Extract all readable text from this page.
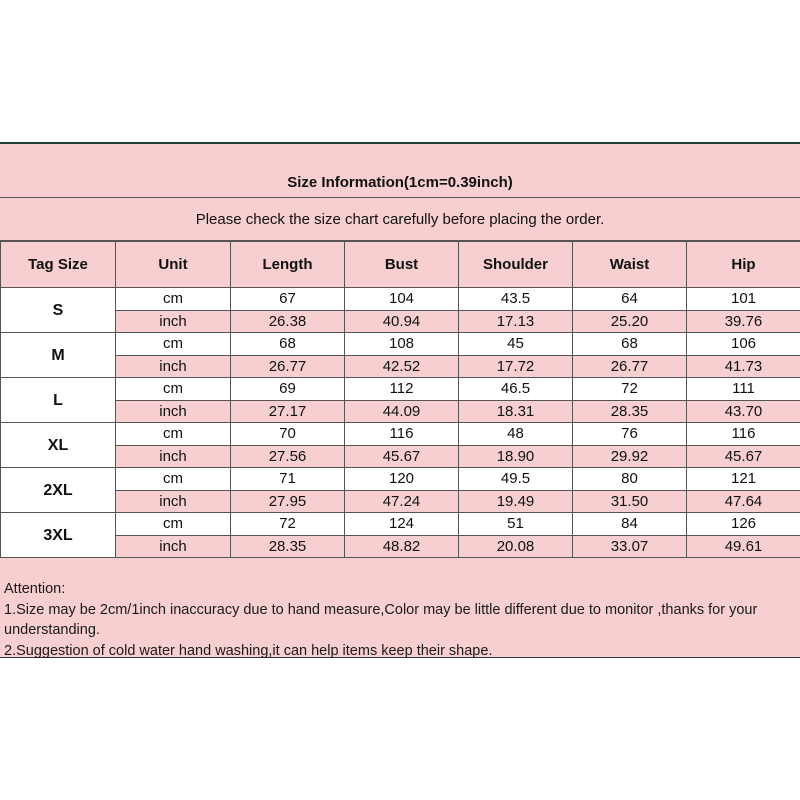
Size Information(1cm=0.39inch)
Please check the size chart carefully before placing the order.
Tag Size	Unit	Length	Bust	Shoulder	Waist	Hip
S	cm	67	104	43.5	64	101
	inch	26.38	40.94	17.13	25.20	39.76
M	cm	68	108	45	68	106
	inch	26.77	42.52	17.72	26.77	41.73
L	cm	69	112	46.5	72	111
	inch	27.17	44.09	18.31	28.35	43.70
XL	cm	70	116	48	76	116
	inch	27.56	45.67	18.90	29.92	45.67
2XL	cm	71	120	49.5	80	121
	inch	27.95	47.24	19.49	31.50	47.64
3XL	cm	72	124	51	84	126
	inch	28.35	48.82	20.08	33.07	49.61
Attention:
1.Size may be 2cm/1inch inaccuracy due to hand measure,Color may be little different due to monitor ,thanks for your understanding.
2.Suggestion of cold water hand washing,it can help items keep their shape.
